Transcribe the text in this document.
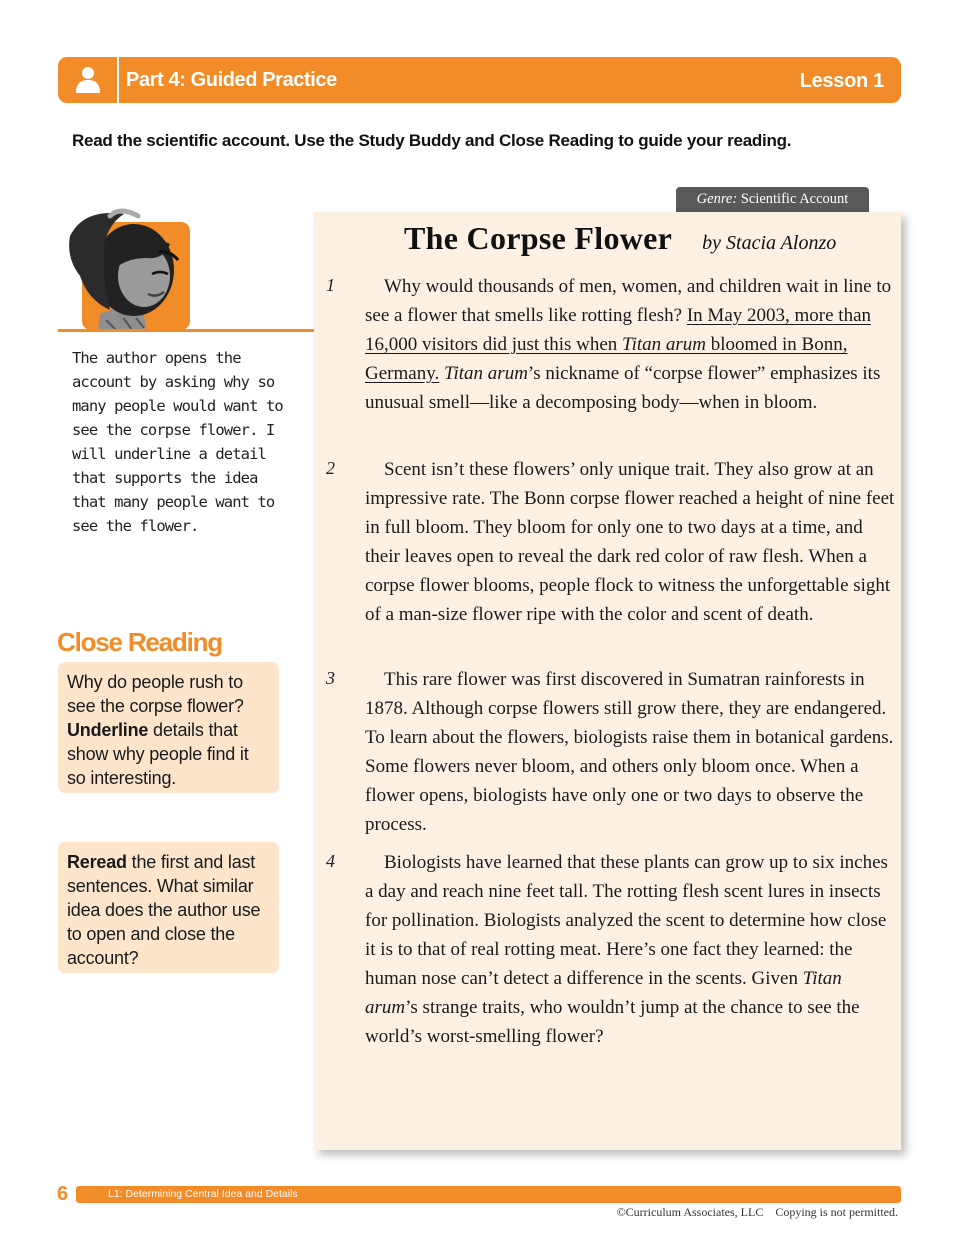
Part 4: Guided Practice	Lesson 1
Read the scientific account. Use the Study Buddy and Close Reading to guide your reading.
Genre: Scientific Account
The Corpse Flower by Stacia Alonzo
1	Why would thousands of men, women, and children wait in line to see a flower that smells like rotting flesh? In May 2003, more than 16,000 visitors did just this when Titan arum bloomed in Bonn, Germany. Titan arum’s nickname of “corpse flower” emphasizes its unusual smell—like a decomposing body—when in bloom.

2	Scent isn’t these flowers’ only unique trait. They also grow at an impressive rate. The Bonn corpse flower reached a height of nine feet in full bloom. They bloom for only one to two days at a time, and their leaves open to reveal the dark red color of raw flesh. When a corpse flower blooms, people flock to witness the unforgettable sight of a man-size flower ripe with the color and scent of death.

3	This rare flower was first discovered in Sumatran rainforests in 1878. Although corpse flowers still grow there, they are endangered. To learn about the flowers, biologists raise them in botanical gardens. Some flowers never bloom, and others only bloom once. When a flower opens, biologists have only one or two days to observe the process.

4	Biologists have learned that these plants can grow up to six inches a day and reach nine feet tall. The rotting flesh scent lures in insects for pollination. Biologists analyzed the scent to determine how close it is to that of real rotting meat. Here’s one fact they learned: the human nose can’t detect a difference in the scents. Given Titan arum’s strange traits, who wouldn’t jump at the chance to see the world’s worst-smelling flower?

The author opens the account by asking why so many people would want to see the corpse flower. I will underline a detail that supports the idea that many people want to see the flower.

Close Reading
Why do people rush to see the corpse flower? Underline details that show why people find it so interesting.
Reread the first and last sentences. What similar idea does the author use to open and close the account?
6	L1: Determining Central Idea and Details
©Curriculum Associates, LLC    Copying is not permitted.
